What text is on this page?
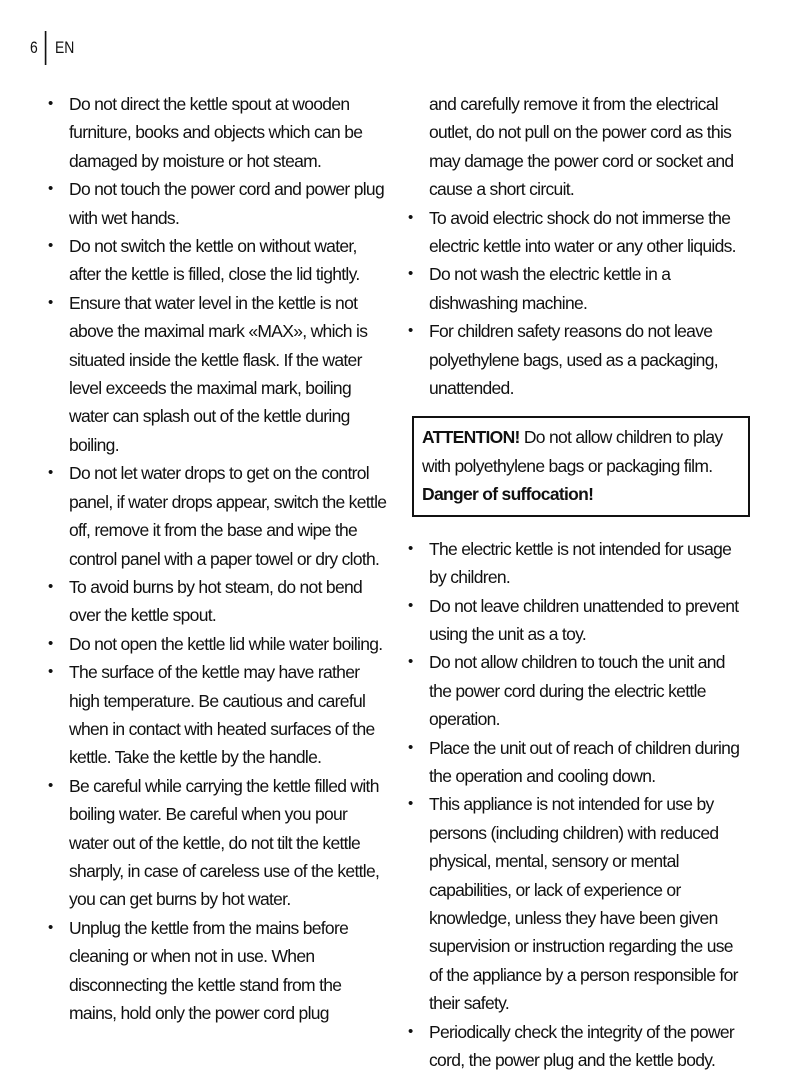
6 EN
• Do not direct the kettle spout at wooden furniture, books and objects which can be damaged by moisture or hot steam.
• Do not touch the power cord and power plug with wet hands.
• Do not switch the kettle on without water, after the kettle is filled, close the lid tightly.
• Ensure that water level in the kettle is not above the maximal mark «MAX», which is situated inside the kettle flask. If the water level exceeds the maximal mark, boiling water can splash out of the kettle during boiling.
• Do not let water drops to get on the control panel, if water drops appear, switch the kettle off, remove it from the base and wipe the control panel with a paper towel or dry cloth.
• To avoid burns by hot steam, do not bend over the kettle spout.
• Do not open the kettle lid while water boiling.
• The surface of the kettle may have rather high temperature. Be cautious and careful when in contact with heated surfaces of the kettle. Take the kettle by the handle.
• Be careful while carrying the kettle filled with boiling water. Be careful when you pour water out of the kettle, do not tilt the kettle sharply, in case of careless use of the kettle, you can get burns by hot water.
• Unplug the kettle from the mains before cleaning or when not in use. When disconnecting the kettle stand from the mains, hold only the power cord plug
and carefully remove it from the electrical outlet, do not pull on the power cord as this may damage the power cord or socket and cause a short circuit.
• To avoid electric shock do not immerse the electric kettle into water or any other liquids.
• Do not wash the electric kettle in a dishwashing machine.
• For children safety reasons do not leave polyethylene bags, used as a packaging, unattended.
ATTENTION! Do not allow children to play with polyethylene bags or packaging film. Danger of suffocation!
• The electric kettle is not intended for usage by children.
• Do not leave children unattended to prevent using the unit as a toy.
• Do not allow children to touch the unit and the power cord during the electric kettle operation.
• Place the unit out of reach of children during the operation and cooling down.
• This appliance is not intended for use by persons (including children) with reduced physical, mental, sensory or mental capabilities, or lack of experience or knowledge, unless they have been given supervision or instruction regarding the use of the appliance by a person responsible for their safety.
• Periodically check the integrity of the power cord, the power plug and the kettle body.
